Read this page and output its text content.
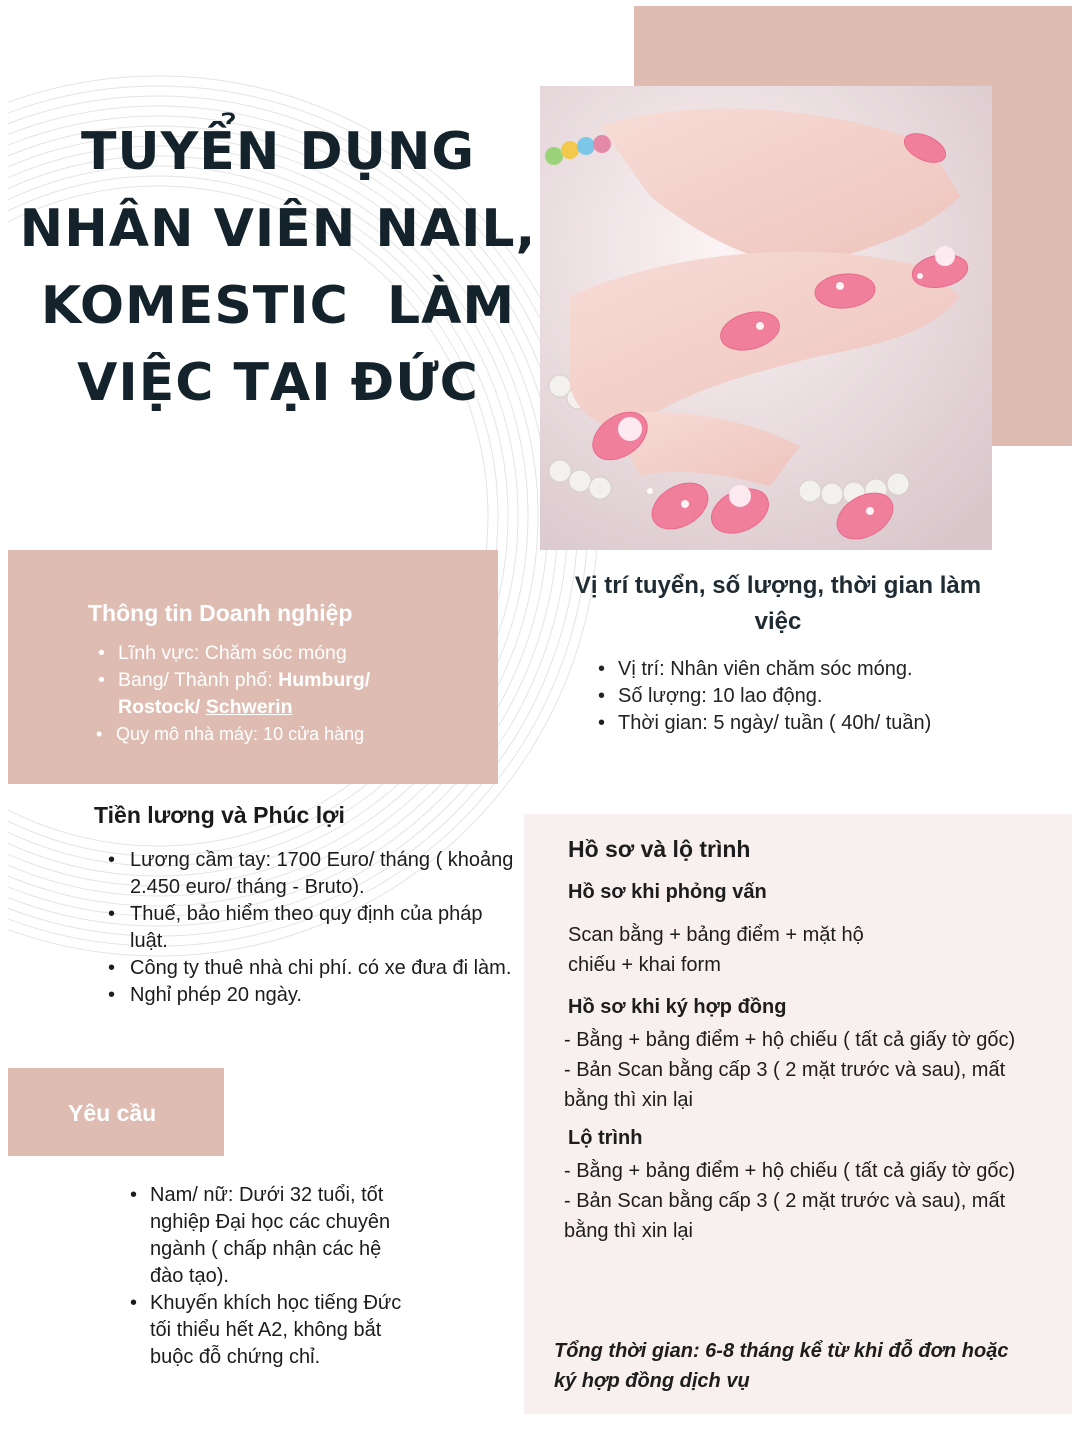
TUYỂN DỤNG
NHÂN VIÊN NAIL,
KOMESTIC  LÀM
VIỆC TẠI ĐỨC
Thông tin Doanh nghiệp
• Lĩnh vực: Chăm sóc móng
• Bang/ Thành phố: Humburg/
Rostock/ Schwerin
• Quy mô nhà máy: 10 cửa hàng
Vị trí tuyển, số lượng, thời gian làm việc
• Vị trí: Nhân viên chăm sóc móng.
• Số lượng: 10 lao động.
• Thời gian: 5 ngày/ tuần ( 40h/ tuần)
Tiền lương và Phúc lợi
• Lương cầm tay: 1700 Euro/ tháng ( khoảng 2.450 euro/ tháng - Bruto).
• Thuế, bảo hiểm theo quy định của pháp luật.
• Công ty thuê nhà chi phí. có xe đưa đi làm.
• Nghỉ phép 20 ngày.
Yêu cầu
• Nam/ nữ: Dưới 32 tuổi, tốt nghiệp Đại học các chuyên ngành ( chấp nhận các hệ đào tạo).
• Khuyến khích học tiếng Đức tối thiểu hết A2, không bắt buộc đỗ chứng chỉ.
Hồ sơ và lộ trình

Hồ sơ khi phỏng vấn

Scan bằng + bảng điểm + mặt hộ chiếu + khai form

Hồ sơ khi ký hợp đồng

- Bằng + bảng điểm + hộ chiếu ( tất cả giấy tờ gốc)

- Bản Scan bằng cấp 3 ( 2 mặt trước và sau), mất bằng thì xin lại

Lộ trình

- Bằng + bảng điểm + hộ chiếu ( tất cả giấy tờ gốc)

- Bản Scan bằng cấp 3 ( 2 mặt trước và sau), mất bằng thì xin lại

Tổng thời gian: 6-8 tháng kể từ khi đỗ đơn hoặc ký hợp đồng dịch vụ
